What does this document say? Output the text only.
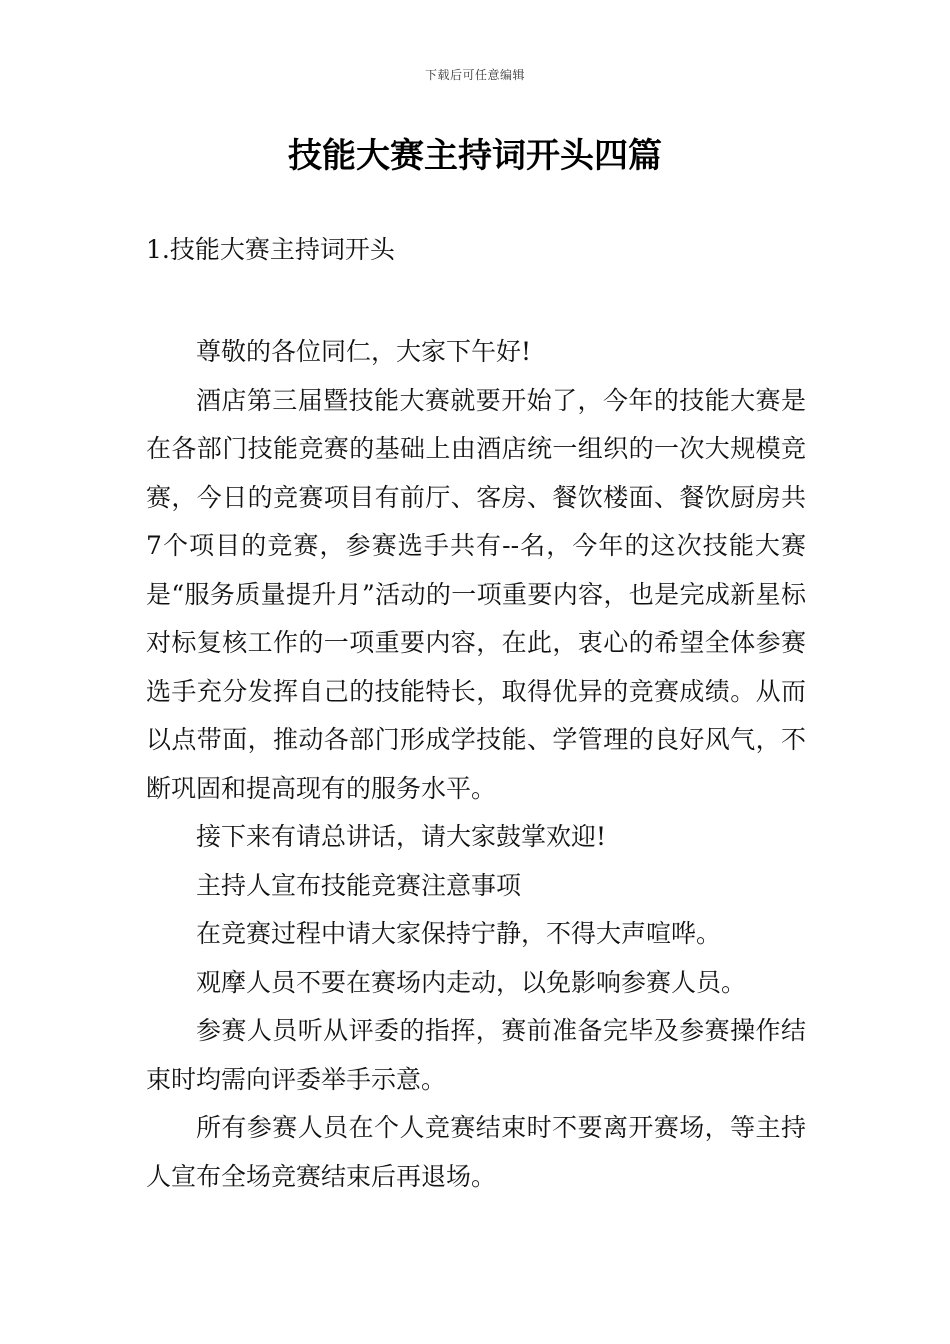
下载后可任意编辑
技能大赛主持词开头四篇
1.技能大赛主持词开头

尊敬的各位同仁，大家下午好!

酒店第三届暨技能大赛就要开始了，今年的技能大赛是在各部门技能竞赛的基础上由酒店统一组织的一次大规模竞赛，今日的竞赛项目有前厅、客房、餐饮楼面、餐饮厨房共7个项目的竞赛，参赛选手共有--名，今年的这次技能大赛是“服务质量提升月”活动的一项重要内容，也是完成新星标对标复核工作的一项重要内容，在此，衷心的希望全体参赛选手充分发挥自己的技能特长，取得优异的竞赛成绩。从而以点带面，推动各部门形成学技能、学管理的良好风气，不断巩固和提高现有的服务水平。

接下来有请总讲话，请大家鼓掌欢迎!

主持人宣布技能竞赛注意事项

在竞赛过程中请大家保持宁静，不得大声喧哗。

观摩人员不要在赛场内走动，以免影响参赛人员。

参赛人员听从评委的指挥，赛前准备完毕及参赛操作结束时均需向评委举手示意。

所有参赛人员在个人竞赛结束时不要离开赛场，等主持人宣布全场竞赛结束后再退场。
